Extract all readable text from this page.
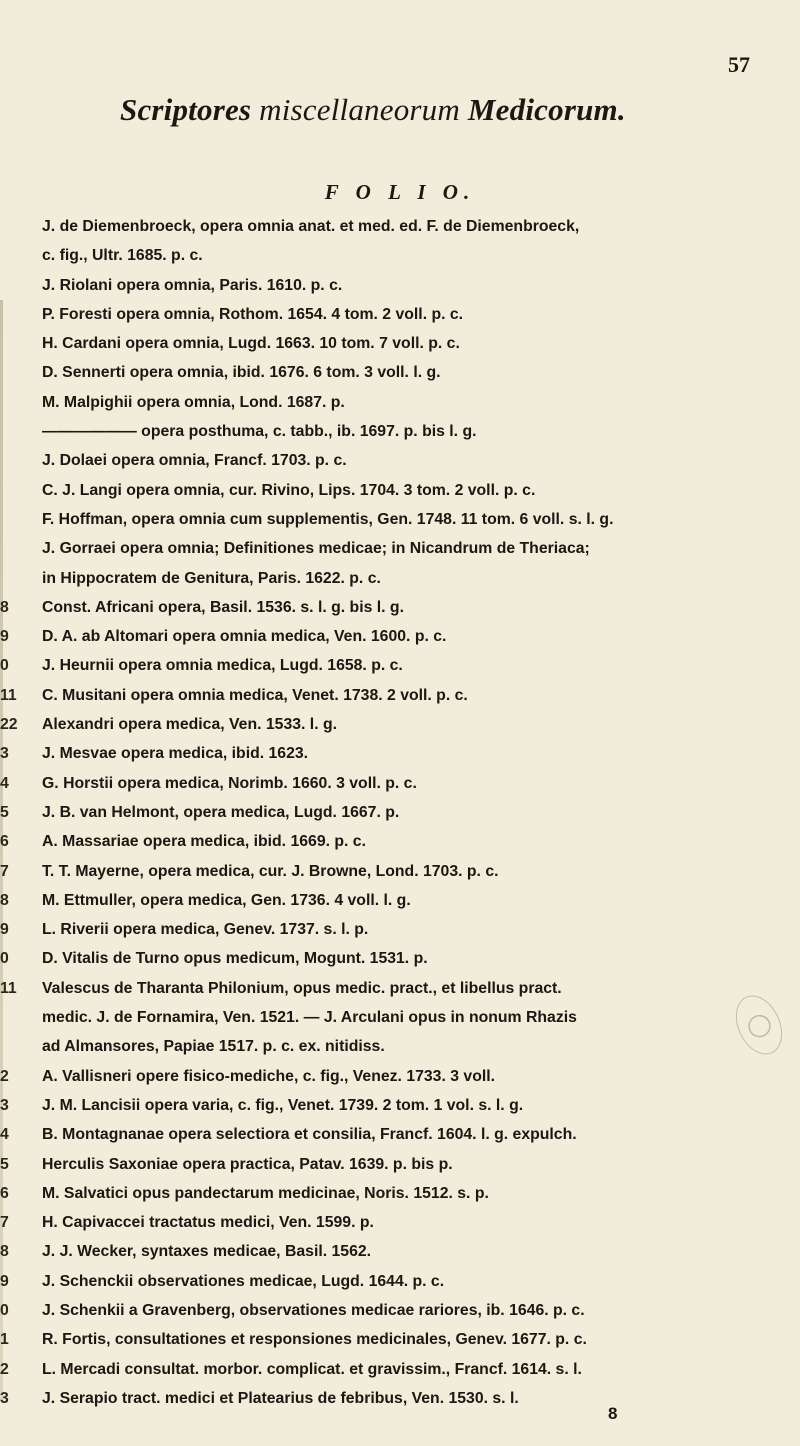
57
Scriptores miscellaneorum Medicorum.
F O L I O.
J. de Diemenbroeck, opera omnia anat. et med. ed. F. de Diemenbroeck,
c. fig., Ultr. 1685. p. c.
J. Riolani opera omnia, Paris. 1610. p. c.
P. Foresti opera omnia, Rothom. 1654. 4 tom. 2 voll. p. c.
H. Cardani opera omnia, Lugd. 1663. 10 tom. 7 voll. p. c.
D. Sennerti opera omnia, ibid. 1676. 6 tom. 3 voll. l. g.
M. Malpighii opera omnia, Lond. 1687. p.
—————— opera posthuma, c. tabb., ib. 1697. p. bis l. g.
J. Dolaei opera omnia, Francf. 1703. p. c.
C. J. Langi opera omnia, cur. Rivino, Lips. 1704. 3 tom. 2 voll. p. c.
F. Hoffman, opera omnia cum supplementis, Gen. 1748. 11 tom. 6 voll. s. l. g.
J. Gorraei opera omnia; Definitiones medicae; in Nicandrum de Theriaca;
in Hippocratem de Genitura, Paris. 1622. p. c.
8	Const. Africani opera, Basil. 1536. s. l. g. bis l. g.
9	D. A. ab Altomari opera omnia medica, Ven. 1600. p. c.
0	J. Heurnii opera omnia medica, Lugd. 1658. p. c.
11	C. Musitani opera omnia medica, Venet. 1738. 2 voll. p. c.
22	Alexandri opera medica, Ven. 1533. l. g.
3	J. Mesvae opera medica, ibid. 1623.
4	G. Horstii opera medica, Norimb. 1660. 3 voll. p. c.
5	J. B. van Helmont, opera medica, Lugd. 1667. p.
6	A. Massariae opera medica, ibid. 1669. p. c.
7	T. T. Mayerne, opera medica, cur. J. Browne, Lond. 1703. p. c.
8	M. Ettmuller, opera medica, Gen. 1736. 4 voll. l. g.
9	L. Riverii opera medica, Genev. 1737. s. l. p.
0	D. Vitalis de Turno opus medicum, Mogunt. 1531. p.
11	Valescus de Tharanta Philonium, opus medic. pract., et libellus pract.
medic. J. de Fornamira, Ven. 1521. — J. Arculani opus in nonum Rhazis
ad Almansores, Papiae 1517. p. c. ex. nitidiss.
2	A. Vallisneri opere fisico-mediche, c. fig., Venez. 1733. 3 voll.
3	J. M. Lancisii opera varia, c. fig., Venet. 1739. 2 tom. 1 vol. s. l. g.
4	B. Montagnanae opera selectiora et consilia, Francf. 1604. l. g. expulch.
5	Herculis Saxoniae opera practica, Patav. 1639. p. bis p.
6	M. Salvatici opus pandectarum medicinae, Noris. 1512. s. p.
7	H. Capivaccei tractatus medici, Ven. 1599. p.
8	J. J. Wecker, syntaxes medicae, Basil. 1562.
9	J. Schenckii observationes medicae, Lugd. 1644. p. c.
0	J. Schenkii a Gravenberg, observationes medicae rariores, ib. 1646. p. c.
1	R. Fortis, consultationes et responsiones medicinales, Genev. 1677. p. c.
2	L. Mercadi consultat. morbor. complicat. et gravissim., Francf. 1614. s. l.
3	J. Serapio tract. medici et Platearius de febribus, Ven. 1530. s. l.
◯
8
